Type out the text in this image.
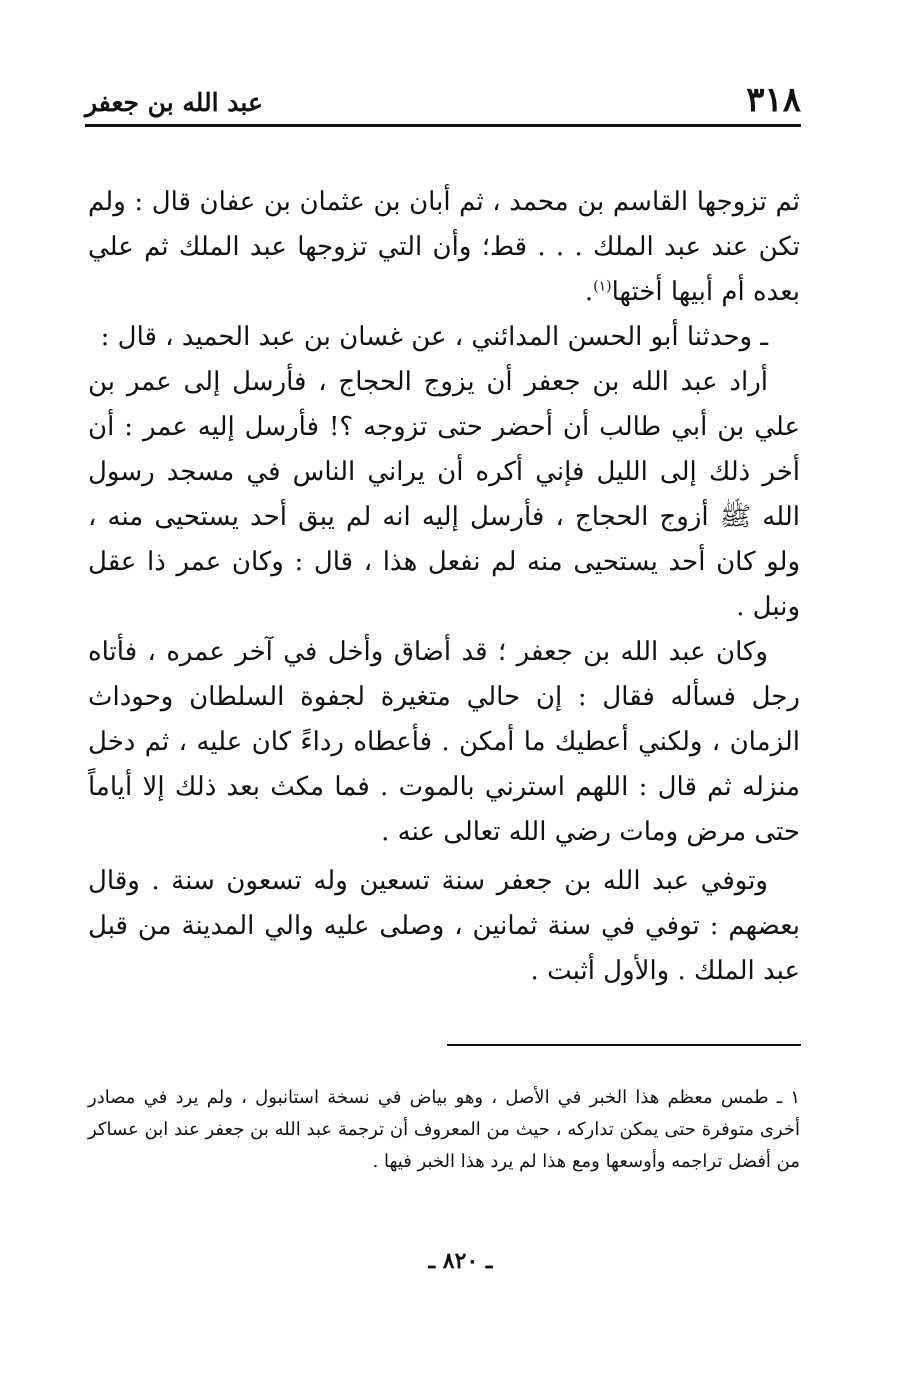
٣١٨
عبد الله بن جعفر

ثم تزوجها القاسم بن محمد ، ثم أبان بن عثمان بن عفان قال : ولم تكن عند عبد الملك . . . قط؛ وأن التي تزوجها عبد الملك ثم علي بعده أم أبيها أختها$^{(١)}$.

ـ وحدثنا أبو الحسن المدائني ، عن غسان بن عبد الحميد ، قال :

أراد عبد الله بن جعفر أن يزوج الحجاج ، فأرسل إلى عمر بن علي بن أبي طالب أن أحضر حتى تزوجه ؟! فأرسل إليه عمر : أن أخر ذلك إلى الليل فإني أكره أن يراني الناس في مسجد رسول الله ﷺ أزوج الحجاج ، فأرسل إليه انه لم يبق أحد يستحيى منه ، ولو كان أحد يستحيى منه لم نفعل هذا ، قال : وكان عمر ذا عقل ونبل .

وكان عبد الله بن جعفر ؛ قد أضاق وأخل في آخر عمره ، فأتاه رجل فسأله فقال : إن حالي متغيرة لجفوة السلطان وحوداث الزمان ، ولكني أعطيك ما أمكن . فأعطاه رداءً كان عليه ، ثم دخل منزله ثم قال : اللهم استرني بالموت . فما مكث بعد ذلك إلا أياماً حتى مرض ومات رضي الله تعالى عنه .

وتوفي عبد الله بن جعفر سنة تسعين وله تسعون سنة . وقال بعضهم : توفي في سنة ثمانين ، وصلى عليه والي المدينة من قبل عبد الملك . والأول أثبت .

١ ـ طمس معظم هذا الخبر في الأصل ، وهو بياض في نسخة استانبول ، ولم يرد في مصادر أخرى متوفرة حتى يمكن تداركه ، حيث من المعروف أن ترجمة عبد الله بن جعفر عند ابن عساكر من أفضل تراجمه وأوسعها ومع هذا لم يرد هذا الخبر فيها .
ـ ٨٢٠ ـ
